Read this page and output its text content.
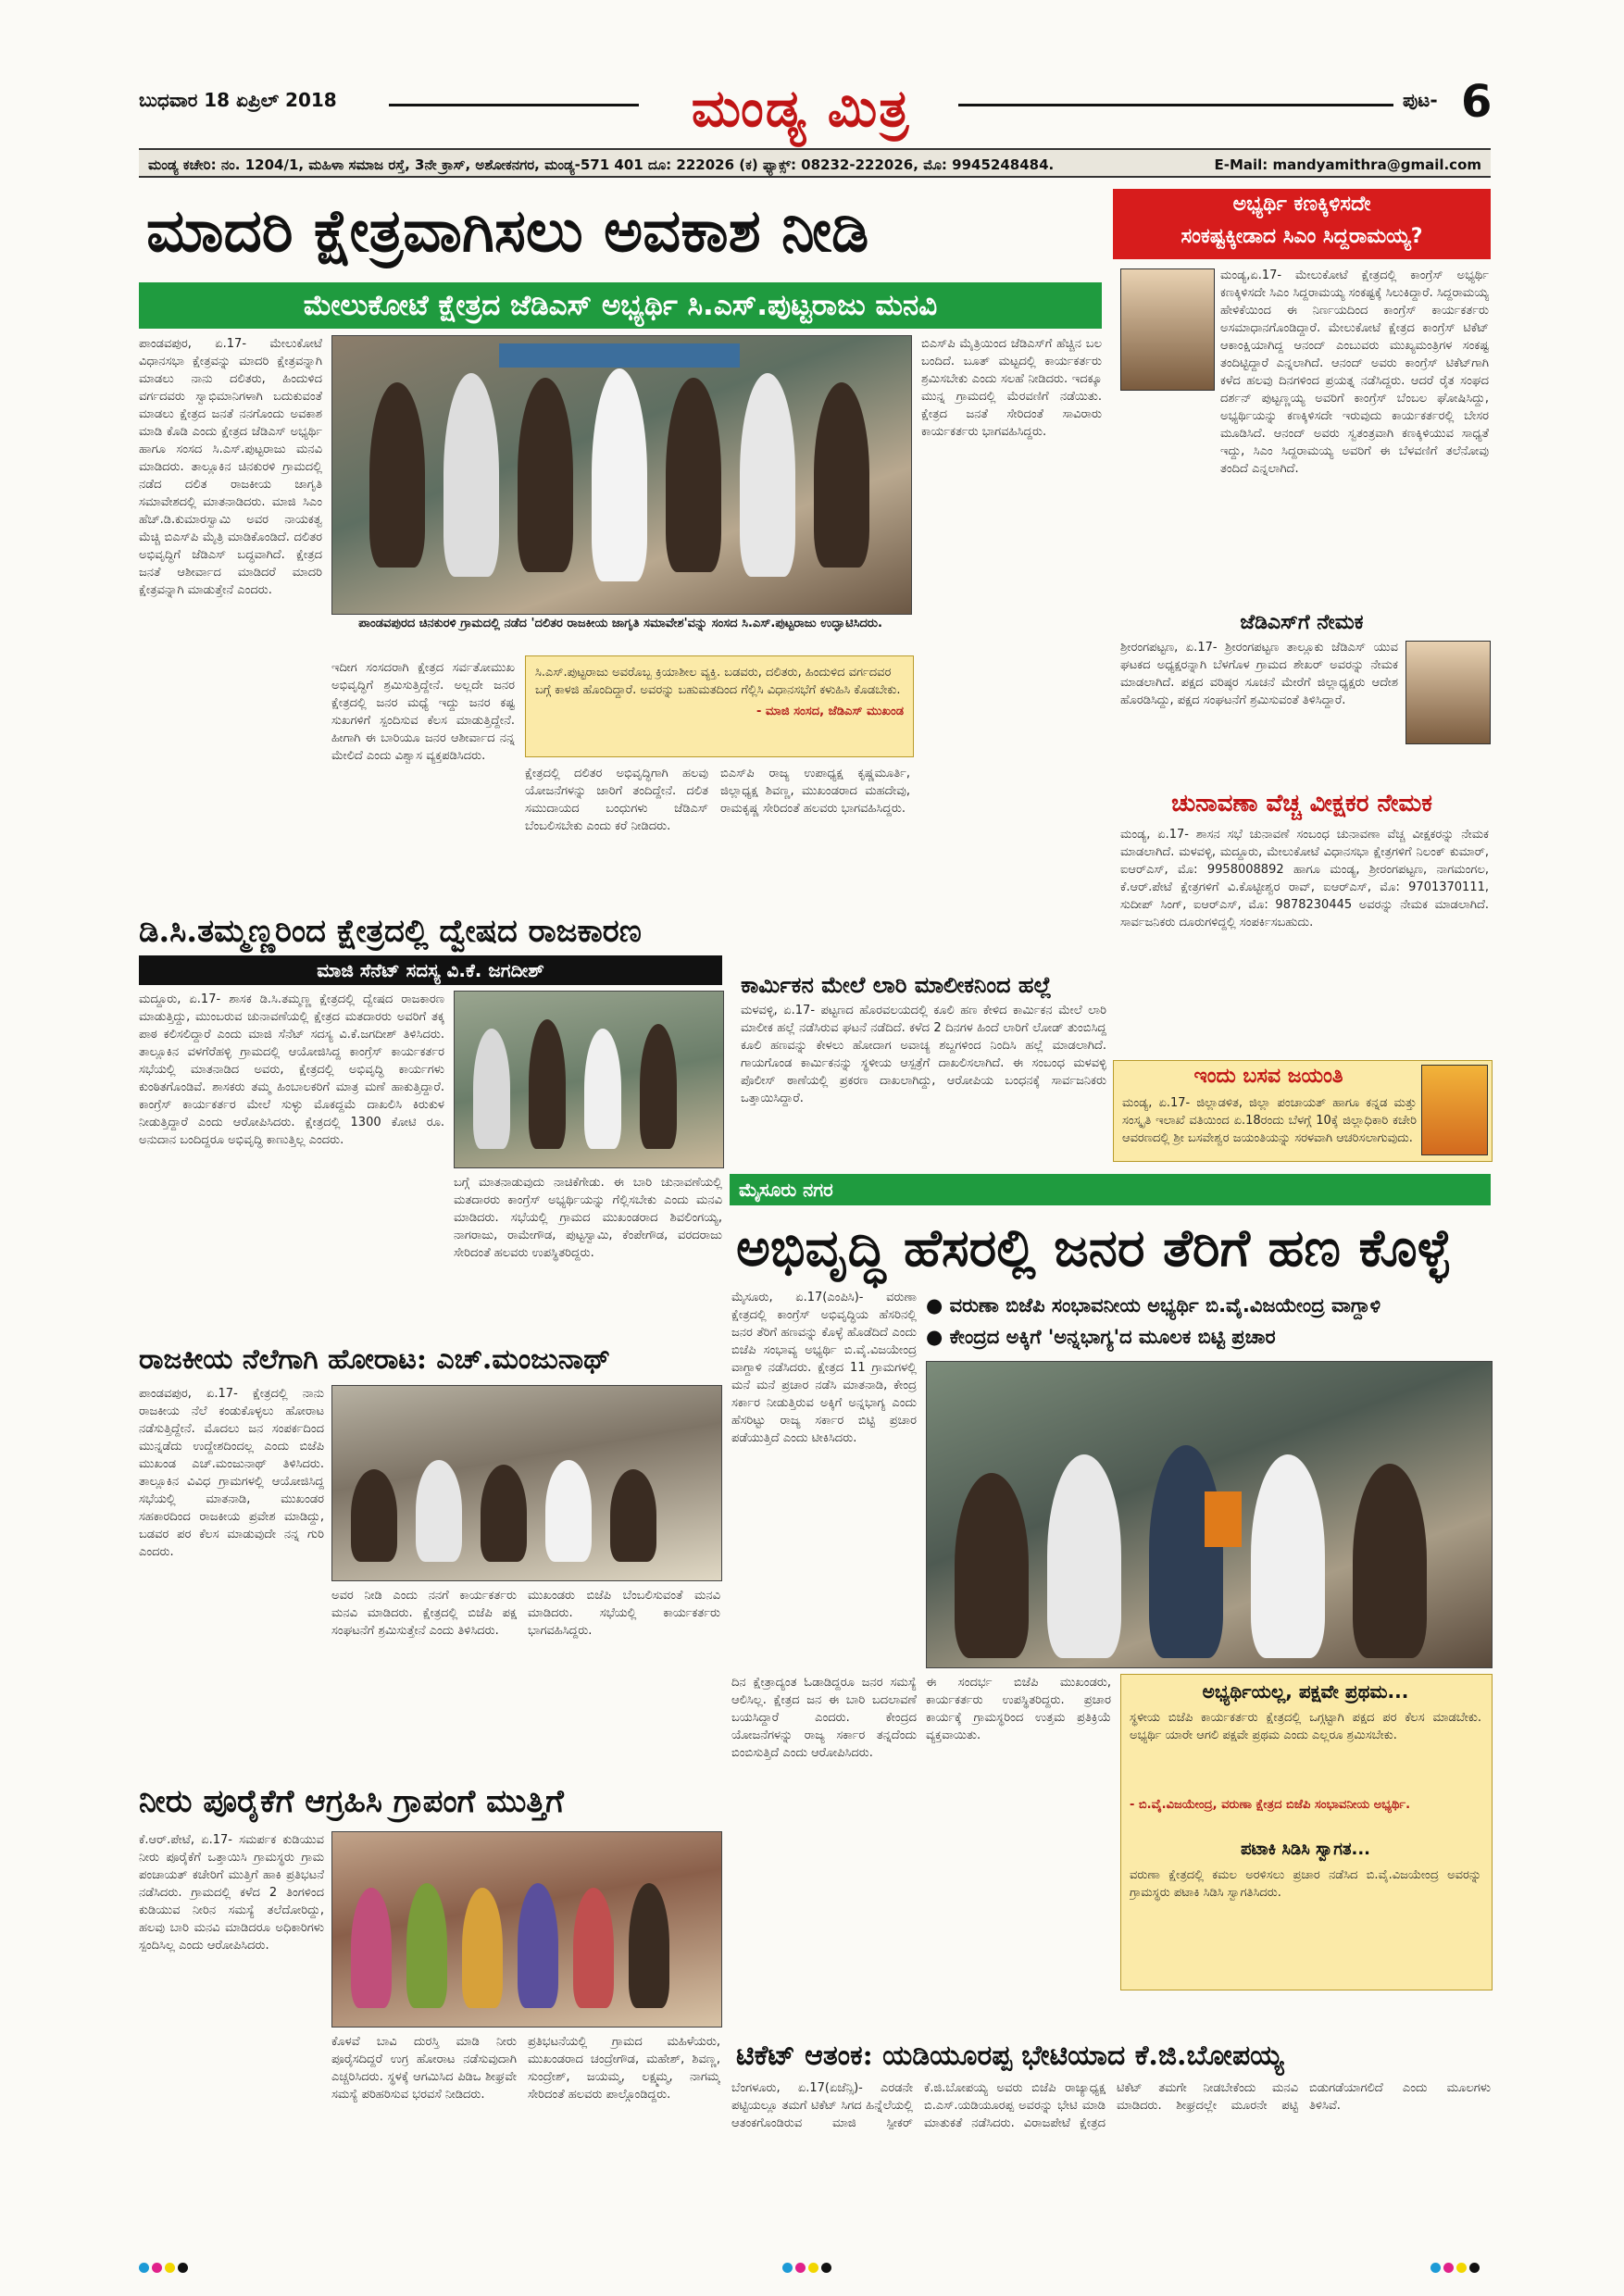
ಬುಧವಾರ 18 ಏಪ್ರಿಲ್ 2018	ಮಂಡ್ಯ ಮಿತ್ರ	ಪುಟ- 6
ಮಂಡ್ಯ ಕಚೇರಿ: ನಂ. 1204/1, ಮಹಿಳಾ ಸಮಾಜ ರಸ್ತೆ, 3ನೇ ಕ್ರಾಸ್, ಅಶೋಕನಗರ, ಮಂಡ್ಯ-571 401 ದೂ: 222026 (ಕ) ಫ್ಯಾಕ್ಸ್: 08232-222026, ಮೊ: 9945248484.	E-Mail: mandyamithra@gmail.com
ಮಾದರಿ ಕ್ಷೇತ್ರವಾಗಿಸಲು ಅವಕಾಶ ನೀಡಿ
ಮೇಲುಕೋಟೆ ಕ್ಷೇತ್ರದ ಜೆಡಿಎಸ್ ಅಭ್ಯರ್ಥಿ ಸಿ.ಎಸ್.ಪುಟ್ಟರಾಜು ಮನವಿ
ಪಾಂಡವಪುರ, ಏ.17- ಮೇಲುಕೋಟೆ ವಿಧಾನಸಭಾ ಕ್ಷೇತ್ರವನ್ನು ಮಾದರಿ ಕ್ಷೇತ್ರವನ್ನಾಗಿ ಮಾಡಲು ನಾನು ದಲಿತರು, ಹಿಂದುಳಿದ ವರ್ಗದವರು ಸ್ವಾಭಿಮಾನಿಗಳಾಗಿ ಬದುಕುವಂತೆ ಮಾಡಲು ಕ್ಷೇತ್ರದ ಜನತೆ ನನಗೊಂದು ಅವಕಾಶ ಮಾಡಿ ಕೊಡಿ ಎಂದು ಕ್ಷೇತ್ರದ ಜೆಡಿಎಸ್ ಅಭ್ಯರ್ಥಿ ಹಾಗೂ ಸಂಸದ ಸಿ.ಎಸ್.ಪುಟ್ಟರಾಜು ಮನವಿ ಮಾಡಿದರು. ತಾಲ್ಲೂಕಿನ ಚಿನಕುರಳಿ ಗ್ರಾಮದಲ್ಲಿ ನಡೆದ ದಲಿತ ರಾಜಕೀಯ ಜಾಗೃತಿ ಸಮಾವೇಶದಲ್ಲಿ ಮಾತನಾಡಿದರು. ಮಾಜಿ ಸಿಎಂ ಹೆಚ್.ಡಿ.ಕುಮಾರಸ್ವಾಮಿ ಅವರ ನಾಯಕತ್ವ ಮೆಚ್ಚಿ ಬಿಎಸ್‌ಪಿ ಮೈತ್ರಿ ಮಾಡಿಕೊಂಡಿದೆ. ದಲಿತರ ಅಭಿವೃದ್ಧಿಗೆ ಜೆಡಿಎಸ್ ಬದ್ಧವಾಗಿದೆ. ಕ್ಷೇತ್ರದ ಜನತೆ ಆಶೀರ್ವಾದ ಮಾಡಿದರೆ ಮಾದರಿ ಕ್ಷೇತ್ರವನ್ನಾಗಿ ಮಾಡುತ್ತೇನೆ ಎಂದರು.
ಪಾಂಡವಪುರದ ಚಿನಕುರಳಿ ಗ್ರಾಮದಲ್ಲಿ ನಡೆದ 'ದಲಿತರ ರಾಜಕೀಯ ಜಾಗೃತಿ ಸಮಾವೇಶ'ವನ್ನು ಸಂಸದ ಸಿ.ಎಸ್.ಪುಟ್ಟರಾಜು ಉದ್ಘಾಟಿಸಿದರು.
ಇದೀಗ ಸಂಸದರಾಗಿ ಕ್ಷೇತ್ರದ ಸರ್ವತೋಮುಖ ಅಭಿವೃದ್ಧಿಗೆ ಶ್ರಮಿಸುತ್ತಿದ್ದೇನೆ. ಅಲ್ಲದೇ ಜನರ ಕ್ಷೇತ್ರದಲ್ಲಿ ಜನರ ಮಧ್ಯೆ ಇದ್ದು ಜನರ ಕಷ್ಟ ಸುಖಗಳಿಗೆ ಸ್ಪಂದಿಸುವ ಕೆಲಸ ಮಾಡುತ್ತಿದ್ದೇನೆ. ಹೀಗಾಗಿ ಈ ಬಾರಿಯೂ ಜನರ ಆಶೀರ್ವಾದ ನನ್ನ ಮೇಲಿದೆ ಎಂದು ವಿಶ್ವಾಸ ವ್ಯಕ್ತಪಡಿಸಿದರು.
ಸಿ.ಎಸ್.ಪುಟ್ಟರಾಜು ಅವರೊಬ್ಬ ಕ್ರಿಯಾಶೀಲ ವ್ಯಕ್ತಿ. ಬಡವರು, ದಲಿತರು, ಹಿಂದುಳಿದ ವರ್ಗದವರ ಬಗ್ಗೆ ಕಾಳಜಿ ಹೊಂದಿದ್ದಾರೆ. ಅವರನ್ನು ಬಹುಮತದಿಂದ ಗೆಲ್ಲಿಸಿ ವಿಧಾನಸಭೆಗೆ ಕಳುಹಿಸಿ ಕೊಡಬೇಕು.
- ಮಾಜಿ ಸಂಸದ, ಜೆಡಿಎಸ್ ಮುಖಂಡ
ಕ್ಷೇತ್ರದಲ್ಲಿ ದಲಿತರ ಅಭಿವೃದ್ಧಿಗಾಗಿ ಹಲವು ಯೋಜನೆಗಳನ್ನು ಜಾರಿಗೆ ತಂದಿದ್ದೇನೆ. ದಲಿತ ಸಮುದಾಯದ ಬಂಧುಗಳು ಜೆಡಿಎಸ್ ಬೆಂಬಲಿಸಬೇಕು ಎಂದು ಕರೆ ನೀಡಿದರು.
ಬಿಎಸ್‌ಪಿ ರಾಜ್ಯ ಉಪಾಧ್ಯಕ್ಷ ಕೃಷ್ಣಮೂರ್ತಿ, ಜಿಲ್ಲಾಧ್ಯಕ್ಷ ಶಿವಣ್ಣ, ಮುಖಂಡರಾದ ಮಹದೇವು, ರಾಮಕೃಷ್ಣ ಸೇರಿದಂತೆ ಹಲವರು ಭಾಗವಹಿಸಿದ್ದರು.
ಬಿಎಸ್‌ಪಿ ಮೈತ್ರಿಯಿಂದ ಜೆಡಿಎಸ್‌ಗೆ ಹೆಚ್ಚಿನ ಬಲ ಬಂದಿದೆ. ಬೂತ್ ಮಟ್ಟದಲ್ಲಿ ಕಾರ್ಯಕರ್ತರು ಶ್ರಮಿಸಬೇಕು ಎಂದು ಸಲಹೆ ನೀಡಿದರು. ಇದಕ್ಕೂ ಮುನ್ನ ಗ್ರಾಮದಲ್ಲಿ ಮೆರವಣಿಗೆ ನಡೆಯಿತು. ಕ್ಷೇತ್ರದ ಜನತೆ ಸೇರಿದಂತೆ ಸಾವಿರಾರು ಕಾರ್ಯಕರ್ತರು ಭಾಗವಹಿಸಿದ್ದರು.
ಅಭ್ಯರ್ಥಿ ಕಣಕ್ಕಿಳಿಸದೇ
ಸಂಕಷ್ಟಕ್ಕೀಡಾದ ಸಿಎಂ ಸಿದ್ದರಾಮಯ್ಯ?
ಮಂಡ್ಯ,ಏ.17- ಮೇಲುಕೋಟೆ ಕ್ಷೇತ್ರದಲ್ಲಿ ಕಾಂಗ್ರೆಸ್ ಅಭ್ಯರ್ಥಿ ಕಣಕ್ಕಿಳಿಸದೇ ಸಿಎಂ ಸಿದ್ದರಾಮಯ್ಯ ಸಂಕಷ್ಟಕ್ಕೆ ಸಿಲುಕಿದ್ದಾರೆ. ಸಿದ್ದರಾಮಯ್ಯ ಹೇಳಿಕೆಯಿಂದ ಈ ನಿರ್ಣಯದಿಂದ ಕಾಂಗ್ರೆಸ್ ಕಾರ್ಯಕರ್ತರು ಅಸಮಾಧಾನಗೊಂಡಿದ್ದಾರೆ. ಮೇಲುಕೋಟೆ ಕ್ಷೇತ್ರದ ಕಾಂಗ್ರೆಸ್ ಟಿಕೆಟ್ ಆಕಾಂಕ್ಷಿಯಾಗಿದ್ದ ಆನಂದ್ ಎಂಬುವರು ಮುಖ್ಯಮಂತ್ರಿಗಳ ಸಂಕಷ್ಟ ತಂದಿಟ್ಟಿದ್ದಾರೆ ಎನ್ನಲಾಗಿದೆ. ಆನಂದ್ ಅವರು ಕಾಂಗ್ರೆಸ್ ಟಿಕೆಟ್‌ಗಾಗಿ ಕಳೆದ ಹಲವು ದಿನಗಳಿಂದ ಪ್ರಯತ್ನ ನಡೆಸಿದ್ದರು. ಆದರೆ ರೈತ ಸಂಘದ ದರ್ಶನ್ ಪುಟ್ಟಣ್ಣಯ್ಯ ಅವರಿಗೆ ಕಾಂಗ್ರೆಸ್ ಬೆಂಬಲ ಘೋಷಿಸಿದ್ದು, ಅಭ್ಯರ್ಥಿಯನ್ನು ಕಣಕ್ಕಿಳಿಸದೇ ಇರುವುದು ಕಾರ್ಯಕರ್ತರಲ್ಲಿ ಬೇಸರ ಮೂಡಿಸಿದೆ. ಆನಂದ್ ಅವರು ಸ್ವತಂತ್ರವಾಗಿ ಕಣಕ್ಕಿಳಿಯುವ ಸಾಧ್ಯತೆ ಇದ್ದು, ಸಿಎಂ ಸಿದ್ದರಾಮಯ್ಯ ಅವರಿಗೆ ಈ ಬೆಳವಣಿಗೆ ತಲೆನೋವು ತಂದಿದೆ ಎನ್ನಲಾಗಿದೆ.
ಜೆಡಿಎಸ್‌ಗೆ ನೇಮಕ
ಶ್ರೀರಂಗಪಟ್ಟಣ, ಏ.17- ಶ್ರೀರಂಗಪಟ್ಟಣ ತಾಲ್ಲೂಕು ಜೆಡಿಎಸ್ ಯುವ ಘಟಕದ ಅಧ್ಯಕ್ಷರನ್ನಾಗಿ ಬೆಳಗೊಳ ಗ್ರಾಮದ ಶೇಖರ್ ಅವರನ್ನು ನೇಮಕ ಮಾಡಲಾಗಿದೆ. ಪಕ್ಷದ ವರಿಷ್ಠರ ಸೂಚನೆ ಮೇರೆಗೆ ಜಿಲ್ಲಾಧ್ಯಕ್ಷರು ಆದೇಶ ಹೊರಡಿಸಿದ್ದು, ಪಕ್ಷದ ಸಂಘಟನೆಗೆ ಶ್ರಮಿಸುವಂತೆ ತಿಳಿಸಿದ್ದಾರೆ.
ಚುನಾವಣಾ ವೆಚ್ಚ ವೀಕ್ಷಕರ ನೇಮಕ
ಮಂಡ್ಯ, ಏ.17- ಶಾಸನ ಸಭೆ ಚುನಾವಣೆ ಸಂಬಂಧ ಚುನಾವಣಾ ವೆಚ್ಚ ವೀಕ್ಷಕರನ್ನು ನೇಮಕ ಮಾಡಲಾಗಿದೆ. ಮಳವಳ್ಳಿ, ಮದ್ದೂರು, ಮೇಲುಕೋಟೆ ವಿಧಾನಸಭಾ ಕ್ಷೇತ್ರಗಳಿಗೆ ನಿಲಂಕ್ ಕುಮಾರ್, ಐಆರ್‌ಎಸ್, ಮೊ: 9958008892 ಹಾಗೂ ಮಂಡ್ಯ, ಶ್ರೀರಂಗಪಟ್ಟಣ, ನಾಗಮಂಗಲ, ಕೆ.ಆರ್.ಪೇಟೆ ಕ್ಷೇತ್ರಗಳಿಗೆ ವಿ.ಕೊಟ್ಟೀಶ್ವರ ರಾವ್, ಐಆರ್‌ಎಸ್, ಮೊ: 9701370111, ಸುದೀಪ್ ಸಿಂಗ್, ಐಆರ್‌ಎಸ್, ಮೊ: 9878230445 ಅವರನ್ನು ನೇಮಕ ಮಾಡಲಾಗಿದೆ. ಸಾರ್ವಜನಿಕರು ದೂರುಗಳಿದ್ದಲ್ಲಿ ಸಂಪರ್ಕಿಸಬಹುದು.
ಇಂದು ಬಸವ ಜಯಂತಿ
ಮಂಡ್ಯ, ಏ.17- ಜಿಲ್ಲಾಡಳಿತ, ಜಿಲ್ಲಾ ಪಂಚಾಯತ್ ಹಾಗೂ ಕನ್ನಡ ಮತ್ತು ಸಂಸ್ಕೃತಿ ಇಲಾಖೆ ವತಿಯಿಂದ ಏ.18ರಂದು ಬೆಳಗ್ಗೆ 10ಕ್ಕೆ ಜಿಲ್ಲಾಧಿಕಾರಿ ಕಚೇರಿ ಆವರಣದಲ್ಲಿ ಶ್ರೀ ಬಸವೇಶ್ವರ ಜಯಂತಿಯನ್ನು ಸರಳವಾಗಿ ಆಚರಿಸಲಾಗುವುದು.
ಡಿ.ಸಿ.ತಮ್ಮಣ್ಣರಿಂದ ಕ್ಷೇತ್ರದಲ್ಲಿ ದ್ವೇಷದ ರಾಜಕಾರಣ
ಮಾಜಿ ಸೆನೆಟ್ ಸದಸ್ಯ ವಿ.ಕೆ. ಜಗದೀಶ್
ಮದ್ದೂರು, ಏ.17- ಶಾಸಕ ಡಿ.ಸಿ.ತಮ್ಮಣ್ಣ ಕ್ಷೇತ್ರದಲ್ಲಿ ದ್ವೇಷದ ರಾಜಕಾರಣ ಮಾಡುತ್ತಿದ್ದು, ಮುಂಬರುವ ಚುನಾವಣೆಯಲ್ಲಿ ಕ್ಷೇತ್ರದ ಮತದಾರರು ಅವರಿಗೆ ತಕ್ಕ ಪಾಠ ಕಲಿಸಲಿದ್ದಾರೆ ಎಂದು ಮಾಜಿ ಸೆನೆಟ್ ಸದಸ್ಯ ವಿ.ಕೆ.ಜಗದೀಶ್ ತಿಳಿಸಿದರು. ತಾಲ್ಲೂಕಿನ ವಳಗೆರೆಹಳ್ಳಿ ಗ್ರಾಮದಲ್ಲಿ ಆಯೋಜಿಸಿದ್ದ ಕಾಂಗ್ರೆಸ್ ಕಾರ್ಯಕರ್ತರ ಸಭೆಯಲ್ಲಿ ಮಾತನಾಡಿದ ಅವರು, ಕ್ಷೇತ್ರದಲ್ಲಿ ಅಭಿವೃದ್ಧಿ ಕಾರ್ಯಗಳು ಕುಂಠಿತಗೊಂಡಿವೆ. ಶಾಸಕರು ತಮ್ಮ ಹಿಂಬಾಲಕರಿಗೆ ಮಾತ್ರ ಮಣೆ ಹಾಕುತ್ತಿದ್ದಾರೆ. ಕಾಂಗ್ರೆಸ್ ಕಾರ್ಯಕರ್ತರ ಮೇಲೆ ಸುಳ್ಳು ಮೊಕದ್ದಮೆ ದಾಖಲಿಸಿ ಕಿರುಕುಳ ನೀಡುತ್ತಿದ್ದಾರೆ ಎಂದು ಆರೋಪಿಸಿದರು. ಕ್ಷೇತ್ರದಲ್ಲಿ 1300 ಕೋಟಿ ರೂ. ಅನುದಾನ ಬಂದಿದ್ದರೂ ಅಭಿವೃದ್ಧಿ ಕಾಣುತ್ತಿಲ್ಲ ಎಂದರು.
ಬಗ್ಗೆ ಮಾತನಾಡುವುದು ನಾಚಿಕೆಗೇಡು. ಈ ಬಾರಿ ಚುನಾವಣೆಯಲ್ಲಿ ಮತದಾರರು ಕಾಂಗ್ರೆಸ್ ಅಭ್ಯರ್ಥಿಯನ್ನು ಗೆಲ್ಲಿಸಬೇಕು ಎಂದು ಮನವಿ ಮಾಡಿದರು. ಸಭೆಯಲ್ಲಿ ಗ್ರಾಮದ ಮುಖಂಡರಾದ ಶಿವಲಿಂಗಯ್ಯ, ನಾಗರಾಜು, ರಾಮೇಗೌಡ, ಪುಟ್ಟಸ್ವಾಮಿ, ಕೆಂಪೇಗೌಡ, ವರದರಾಜು ಸೇರಿದಂತೆ ಹಲವರು ಉಪಸ್ಥಿತರಿದ್ದರು.
ಕಾರ್ಮಿಕನ ಮೇಲೆ ಲಾರಿ ಮಾಲೀಕನಿಂದ ಹಲ್ಲೆ
ಮಳವಳ್ಳಿ, ಏ.17- ಪಟ್ಟಣದ ಹೊರವಲಯದಲ್ಲಿ ಕೂಲಿ ಹಣ ಕೇಳಿದ ಕಾರ್ಮಿಕನ ಮೇಲೆ ಲಾರಿ ಮಾಲೀಕ ಹಲ್ಲೆ ನಡೆಸಿರುವ ಘಟನೆ ನಡೆದಿದೆ. ಕಳೆದ 2 ದಿನಗಳ ಹಿಂದೆ ಲಾರಿಗೆ ಲೋಡ್ ತುಂಬಿಸಿದ್ದ ಕೂಲಿ ಹಣವನ್ನು ಕೇಳಲು ಹೋದಾಗ ಅವಾಚ್ಯ ಶಬ್ದಗಳಿಂದ ನಿಂದಿಸಿ ಹಲ್ಲೆ ಮಾಡಲಾಗಿದೆ. ಗಾಯಗೊಂಡ ಕಾರ್ಮಿಕನನ್ನು ಸ್ಥಳೀಯ ಆಸ್ಪತ್ರೆಗೆ ದಾಖಲಿಸಲಾಗಿದೆ. ಈ ಸಂಬಂಧ ಮಳವಳ್ಳಿ ಪೊಲೀಸ್ ಠಾಣೆಯಲ್ಲಿ ಪ್ರಕರಣ ದಾಖಲಾಗಿದ್ದು, ಆರೋಪಿಯ ಬಂಧನಕ್ಕೆ ಸಾರ್ವಜನಿಕರು ಒತ್ತಾಯಿಸಿದ್ದಾರೆ.
ರಾಜಕೀಯ ನೆಲೆಗಾಗಿ ಹೋರಾಟ: ಎಚ್.ಮಂಜುನಾಥ್
ಪಾಂಡವಪುರ, ಏ.17- ಕ್ಷೇತ್ರದಲ್ಲಿ ನಾನು ರಾಜಕೀಯ ನೆಲೆ ಕಂಡುಕೊಳ್ಳಲು ಹೋರಾಟ ನಡೆಸುತ್ತಿದ್ದೇನೆ. ಮೊದಲು ಜನ ಸಂಪರ್ಕದಿಂದ ಮುನ್ನಡೆದು ಉದ್ದೇಶದಿಂದಲ್ಲ ಎಂದು ಬಿಜೆಪಿ ಮುಖಂಡ ಎಚ್.ಮಂಜುನಾಥ್ ತಿಳಿಸಿದರು. ತಾಲ್ಲೂಕಿನ ವಿವಿಧ ಗ್ರಾಮಗಳಲ್ಲಿ ಆಯೋಜಿಸಿದ್ದ ಸಭೆಯಲ್ಲಿ ಮಾತನಾಡಿ, ಮುಖಂಡರ ಸಹಕಾರದಿಂದ ರಾಜಕೀಯ ಪ್ರವೇಶ ಮಾಡಿದ್ದು, ಬಡವರ ಪರ ಕೆಲಸ ಮಾಡುವುದೇ ನನ್ನ ಗುರಿ ಎಂದರು.
ಅವರ ನೀಡಿ ಎಂದು ನನಗೆ ಕಾರ್ಯಕರ್ತರು ಮನವಿ ಮಾಡಿದರು. ಕ್ಷೇತ್ರದಲ್ಲಿ ಬಿಜೆಪಿ ಪಕ್ಷ ಸಂಘಟನೆಗೆ ಶ್ರಮಿಸುತ್ತೇನೆ ಎಂದು ತಿಳಿಸಿದರು.
ಮುಖಂಡರು ಬಿಜೆಪಿ ಬೆಂಬಲಿಸುವಂತೆ ಮನವಿ ಮಾಡಿದರು. ಸಭೆಯಲ್ಲಿ ಕಾರ್ಯಕರ್ತರು ಭಾಗವಹಿಸಿದ್ದರು.
ನೀರು ಪೂರೈಕೆಗೆ ಆಗ್ರಹಿಸಿ ಗ್ರಾಪಂಗೆ ಮುತ್ತಿಗೆ
ಕೆ.ಆರ್.ಪೇಟೆ, ಏ.17- ಸಮರ್ಪಕ ಕುಡಿಯುವ ನೀರು ಪೂರೈಕೆಗೆ ಒತ್ತಾಯಿಸಿ ಗ್ರಾಮಸ್ಥರು ಗ್ರಾಮ ಪಂಚಾಯತ್ ಕಚೇರಿಗೆ ಮುತ್ತಿಗೆ ಹಾಕಿ ಪ್ರತಿಭಟನೆ ನಡೆಸಿದರು. ಗ್ರಾಮದಲ್ಲಿ ಕಳೆದ 2 ತಿಂಗಳಿಂದ ಕುಡಿಯುವ ನೀರಿನ ಸಮಸ್ಯೆ ತಲೆದೋರಿದ್ದು, ಹಲವು ಬಾರಿ ಮನವಿ ಮಾಡಿದರೂ ಅಧಿಕಾರಿಗಳು ಸ್ಪಂದಿಸಿಲ್ಲ ಎಂದು ಆರೋಪಿಸಿದರು.
ಕೊಳವೆ ಬಾವಿ ದುರಸ್ತಿ ಮಾಡಿ ನೀರು ಪೂರೈಸದಿದ್ದರೆ ಉಗ್ರ ಹೋರಾಟ ನಡೆಸುವುದಾಗಿ ಎಚ್ಚರಿಸಿದರು. ಸ್ಥಳಕ್ಕೆ ಆಗಮಿಸಿದ ಪಿಡಿಒ ಶೀಘ್ರವೇ ಸಮಸ್ಯೆ ಪರಿಹರಿಸುವ ಭರವಸೆ ನೀಡಿದರು.
ಪ್ರತಿಭಟನೆಯಲ್ಲಿ ಗ್ರಾಮದ ಮಹಿಳೆಯರು, ಮುಖಂಡರಾದ ಚಂದ್ರೇಗೌಡ, ಮಹೇಶ್, ಶಿವಣ್ಣ, ಸುಂದ್ರೇಶ್, ಜಯಮ್ಮ, ಲಕ್ಷ್ಮಮ್ಮ, ನಾಗಮ್ಮ ಸೇರಿದಂತೆ ಹಲವರು ಪಾಲ್ಗೊಂಡಿದ್ದರು.
ಮೈಸೂರು ನಗರ
ಅಭಿವೃದ್ಧಿ ಹೆಸರಲ್ಲಿ ಜನರ ತೆರಿಗೆ ಹಣ ಕೊಳ್ಳೆ
ಮೈಸೂರು, ಏ.17(ಎಂಪಿಸಿ)- ವರುಣಾ ಕ್ಷೇತ್ರದಲ್ಲಿ ಕಾಂಗ್ರೆಸ್ ಅಭಿವೃದ್ಧಿಯ ಹೆಸರಿನಲ್ಲಿ ಜನರ ತೆರಿಗೆ ಹಣವನ್ನು ಕೊಳ್ಳೆ ಹೊಡೆದಿದೆ ಎಂದು ಬಿಜೆಪಿ ಸಂಭಾವ್ಯ ಅಭ್ಯರ್ಥಿ ಬಿ.ವೈ.ವಿಜಯೇಂದ್ರ ವಾಗ್ದಾಳಿ ನಡೆಸಿದರು. ಕ್ಷೇತ್ರದ 11 ಗ್ರಾಮಗಳಲ್ಲಿ ಮನೆ ಮನೆ ಪ್ರಚಾರ ನಡೆಸಿ ಮಾತನಾಡಿ, ಕೇಂದ್ರ ಸರ್ಕಾರ ನೀಡುತ್ತಿರುವ ಅಕ್ಕಿಗೆ ಅನ್ನಭಾಗ್ಯ ಎಂದು ಹೆಸರಿಟ್ಟು ರಾಜ್ಯ ಸರ್ಕಾರ ಬಿಟ್ಟಿ ಪ್ರಚಾರ ಪಡೆಯುತ್ತಿದೆ ಎಂದು ಟೀಕಿಸಿದರು.
● ವರುಣಾ ಬಿಜೆಪಿ ಸಂಭಾವನೀಯ ಅಭ್ಯರ್ಥಿ ಬಿ.ವೈ.ವಿಜಯೇಂದ್ರ ವಾಗ್ದಾಳಿ
● ಕೇಂದ್ರದ ಅಕ್ಕಿಗೆ 'ಅನ್ನಭಾಗ್ಯ'ದ ಮೂಲಕ ಬಿಟ್ಟಿ ಪ್ರಚಾರ
ದಿನ ಕ್ಷೇತ್ರಾದ್ಯಂತ ಓಡಾಡಿದ್ದರೂ ಜನರ ಸಮಸ್ಯೆ ಆಲಿಸಿಲ್ಲ. ಕ್ಷೇತ್ರದ ಜನ ಈ ಬಾರಿ ಬದಲಾವಣೆ ಬಯಸಿದ್ದಾರೆ ಎಂದರು. ಕೇಂದ್ರದ ಯೋಜನೆಗಳನ್ನು ರಾಜ್ಯ ಸರ್ಕಾರ ತನ್ನದೆಂದು ಬಿಂಬಿಸುತ್ತಿದೆ ಎಂದು ಆರೋಪಿಸಿದರು.
ಈ ಸಂದರ್ಭ ಬಿಜೆಪಿ ಮುಖಂಡರು, ಕಾರ್ಯಕರ್ತರು ಉಪಸ್ಥಿತರಿದ್ದರು. ಪ್ರಚಾರ ಕಾರ್ಯಕ್ಕೆ ಗ್ರಾಮಸ್ಥರಿಂದ ಉತ್ತಮ ಪ್ರತಿಕ್ರಿಯೆ ವ್ಯಕ್ತವಾಯಿತು.
ಅಭ್ಯರ್ಥಿಯಲ್ಲ, ಪಕ್ಷವೇ ಪ್ರಥಮ...
ಸ್ಥಳೀಯ ಬಿಜೆಪಿ ಕಾರ್ಯಕರ್ತರು ಕ್ಷೇತ್ರದಲ್ಲಿ ಒಗ್ಗಟ್ಟಾಗಿ ಪಕ್ಷದ ಪರ ಕೆಲಸ ಮಾಡಬೇಕು. ಅಭ್ಯರ್ಥಿ ಯಾರೇ ಆಗಲಿ ಪಕ್ಷವೇ ಪ್ರಥಮ ಎಂದು ಎಲ್ಲರೂ ಶ್ರಮಿಸಬೇಕು.
- ಬಿ.ವೈ.ವಿಜಯೇಂದ್ರ, ವರುಣಾ ಕ್ಷೇತ್ರದ ಬಿಜೆಪಿ ಸಂಭಾವನೀಯ ಅಭ್ಯರ್ಥಿ.
ಪಟಾಕಿ ಸಿಡಿಸಿ ಸ್ವಾಗತ...
ವರುಣಾ ಕ್ಷೇತ್ರದಲ್ಲಿ ಕಮಲ ಅರಳಿಸಲು ಪ್ರಚಾರ ನಡೆಸಿದ ಬಿ.ವೈ.ವಿಜಯೇಂದ್ರ ಅವರನ್ನು ಗ್ರಾಮಸ್ಥರು ಪಟಾಕಿ ಸಿಡಿಸಿ ಸ್ವಾಗತಿಸಿದರು.
ಟಿಕೆಟ್ ಆತಂಕ: ಯಡಿಯೂರಪ್ಪ ಭೇಟಿಯಾದ ಕೆ.ಜಿ.ಬೋಪಯ್ಯ
ಬೆಂಗಳೂರು, ಏ.17(ಏಜೆನ್ಸಿ)- ಎರಡನೇ ಪಟ್ಟಿಯಲ್ಲೂ ತಮಗೆ ಟಿಕೆಟ್ ಸಿಗದ ಹಿನ್ನೆಲೆಯಲ್ಲಿ ಆತಂಕಗೊಂಡಿರುವ ಮಾಜಿ ಸ್ಪೀಕರ್ ಕೆ.ಜಿ.ಬೋಪಯ್ಯ ಅವರು ಬಿಜೆಪಿ ರಾಜ್ಯಾಧ್ಯಕ್ಷ ಬಿ.ಎಸ್.ಯಡಿಯೂರಪ್ಪ ಅವರನ್ನು ಭೇಟಿ ಮಾಡಿ ಮಾತುಕತೆ ನಡೆಸಿದರು. ವಿರಾಜಪೇಟೆ ಕ್ಷೇತ್ರದ ಟಿಕೆಟ್ ತಮಗೇ ನೀಡಬೇಕೆಂದು ಮನವಿ ಮಾಡಿದರು. ಶೀಘ್ರದಲ್ಲೇ ಮೂರನೇ ಪಟ್ಟಿ ಬಿಡುಗಡೆಯಾಗಲಿದೆ ಎಂದು ಮೂಲಗಳು ತಿಳಿಸಿವೆ.
